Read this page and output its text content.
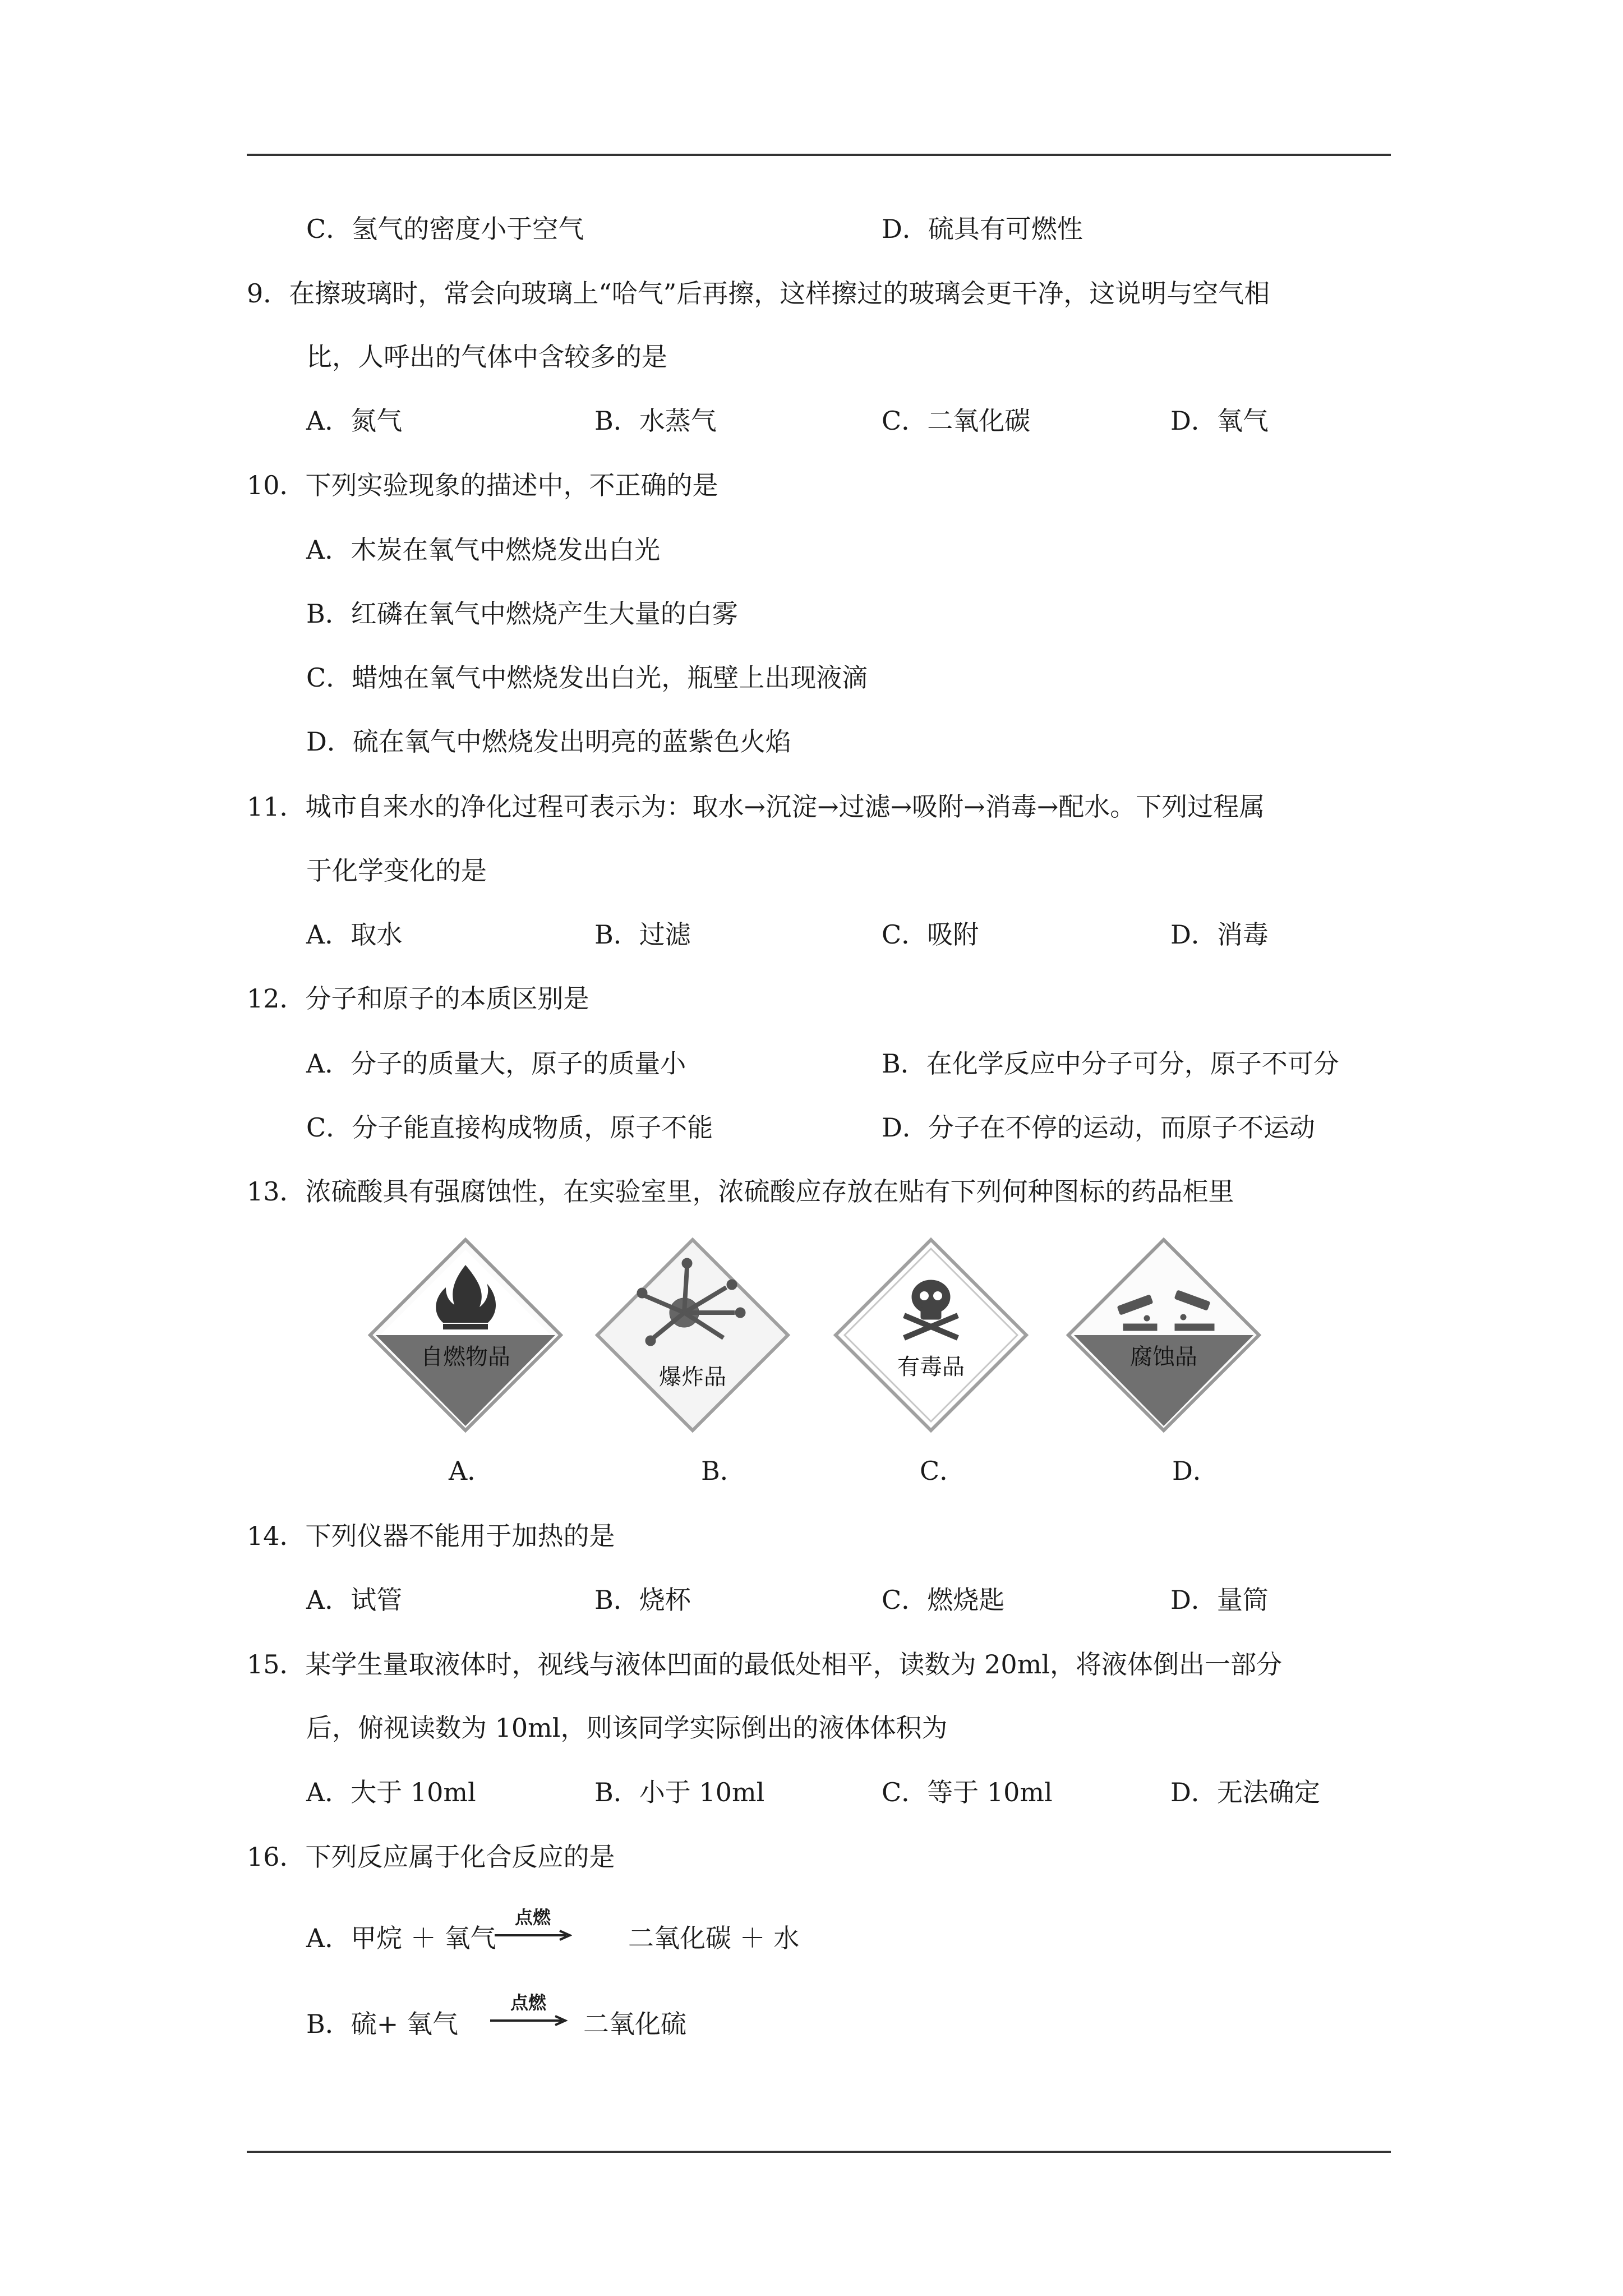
C．氢气的密度小于空气	D．硫具有可燃性
9．在擦玻璃时，常会向玻璃上“哈气”后再擦，这样擦过的玻璃会更干净，这说明与空气相
比，人呼出的气体中含较多的是
A．氮气	B．水蒸气	C．二氧化碳	D．氧气
10．下列实验现象的描述中，不正确的是
A．木炭在氧气中燃烧发出白光
B．红磷在氧气中燃烧产生大量的白雾
C．蜡烛在氧气中燃烧发出白光，瓶壁上出现液滴
D．硫在氧气中燃烧发出明亮的蓝紫色火焰
11．城市自来水的净化过程可表示为：取水→沉淀→过滤→吸附→消毒→配水。下列过程属
于化学变化的是
A．取水	B．过滤	C．吸附	D．消毒
12．分子和原子的本质区别是
A．分子的质量大，原子的质量小	B．在化学反应中分子可分，原子不可分
C．分子能直接构成物质，原子不能	D．分子在不停的运动，而原子不运动
13．浓硫酸具有强腐蚀性，在实验室里，浓硫酸应存放在贴有下列何种图标的药品柜里
自燃物品
爆炸品	有毒品	腐蚀品
A．	B．	C．	D．
14．下列仪器不能用于加热的是
A．试管	B．烧杯	C．燃烧匙	D．量筒
15．某学生量取液体时，视线与液体凹面的最低处相平，读数为 20ml，将液体倒出一部分
后，俯视读数为 10ml，则该同学实际倒出的液体体积为
A．大于 10ml	B．小于 10ml	C．等于 10ml	D．无法确定
16．下列反应属于化合反应的是
A．甲烷 ＋ 氧气
点燃
二氧化碳 ＋ 水
B．硫+ 氧气
点燃
二氧化硫
